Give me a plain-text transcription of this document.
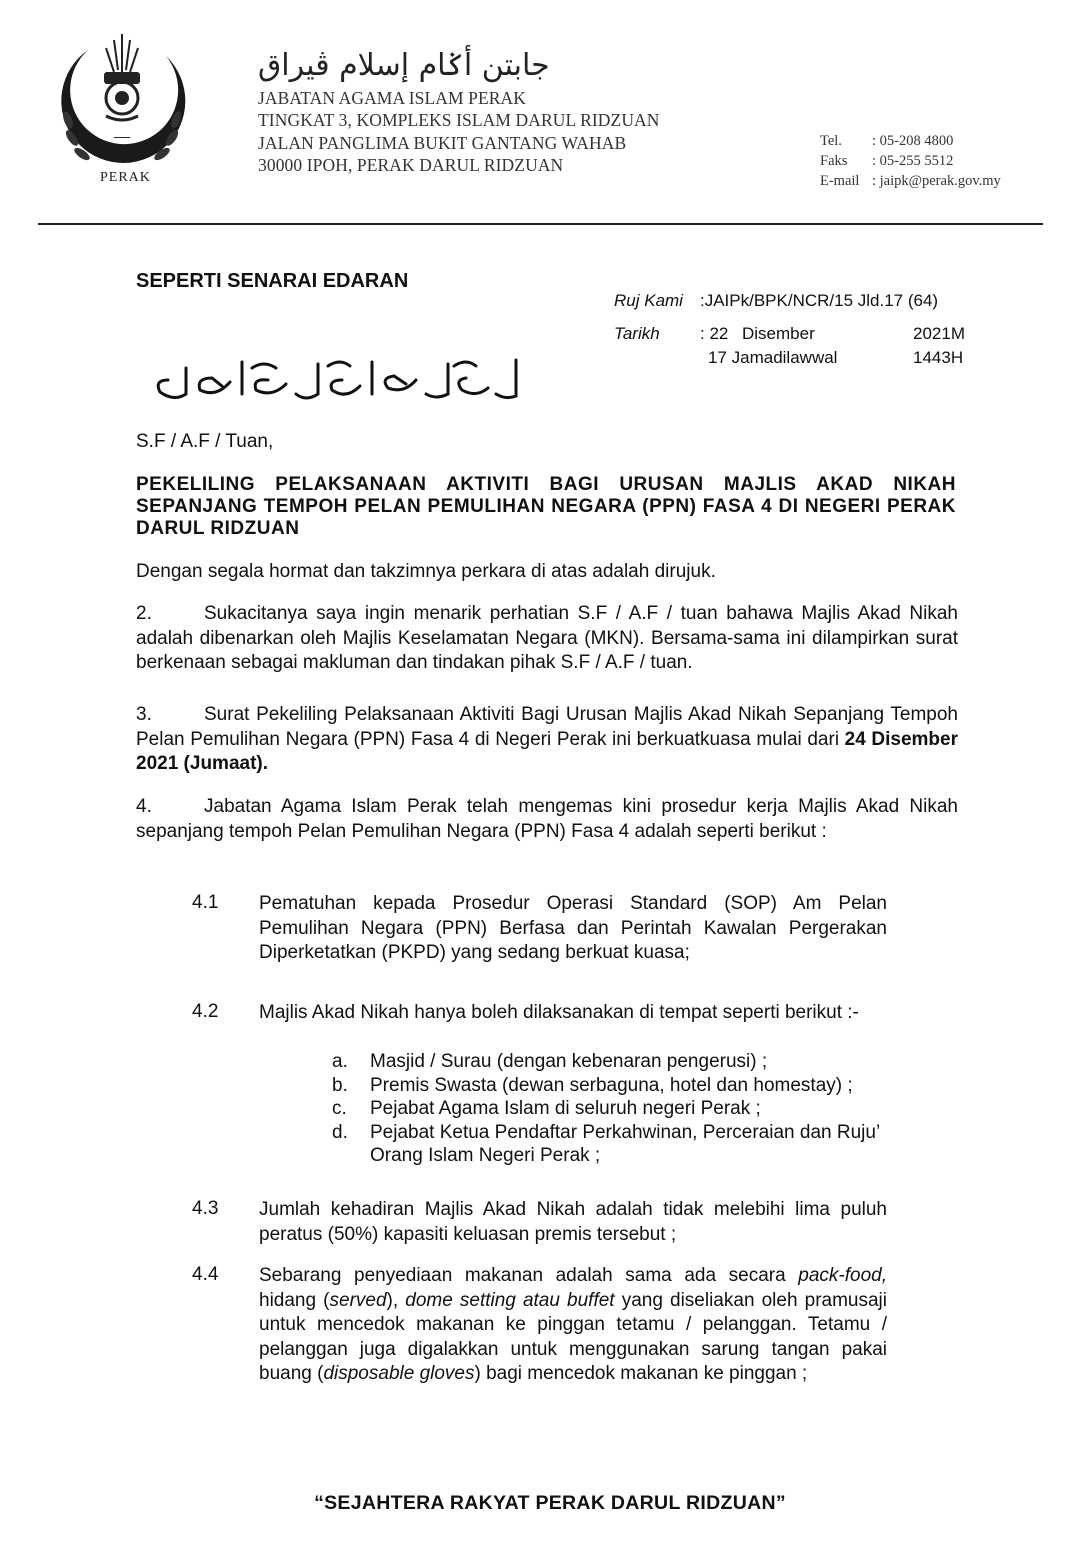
ـــــ
PERAK
جابتن أݢام إسلام ڤيراق
JABATAN AGAMA ISLAM PERAK
TINGKAT 3, KOMPLEKS ISLAM DARUL RIDZUAN
JALAN PANGLIMA BUKIT GANTANG WAHAB
30000 IPOH, PERAK DARUL RIDZUAN
Tel. : 05-208 4800
Faks : 05-255 5512
E-mail : jaipk@perak.gov.my
SEPERTI SENARAI EDARAN
Ruj Kami :JAIPk/BPK/NCR/15 Jld.17 (64)
Tarikh : 22 Disember	2021M
17 Jamadilawwal	1443H
S.F / A.F / Tuan,
PEKELILING PELAKSANAAN AKTIVITI BAGI URUSAN MAJLIS AKAD NIKAH SEPANJANG TEMPOH PELAN PEMULIHAN NEGARA (PPN) FASA 4 DI NEGERI PERAK DARUL RIDZUAN
Dengan segala hormat dan takzimnya perkara di atas adalah dirujuk.
2.	Sukacitanya saya ingin menarik perhatian S.F / A.F / tuan bahawa Majlis Akad Nikah adalah dibenarkan oleh Majlis Keselamatan Negara (MKN). Bersama-sama ini dilampirkan surat berkenaan sebagai makluman dan tindakan pihak S.F / A.F / tuan.
3.	Surat Pekeliling Pelaksanaan Aktiviti Bagi Urusan Majlis Akad Nikah Sepanjang Tempoh Pelan Pemulihan Negara (PPN) Fasa 4 di Negeri Perak ini berkuatkuasa mulai dari 24 Disember 2021 (Jumaat).
4.	Jabatan Agama Islam Perak telah mengemas kini prosedur kerja Majlis Akad Nikah sepanjang tempoh Pelan Pemulihan Negara (PPN) Fasa 4 adalah seperti berikut :
4.1 Pematuhan kepada Prosedur Operasi Standard (SOP) Am Pelan Pemulihan Negara (PPN) Berfasa dan Perintah Kawalan Pergerakan Diperketatkan (PKPD) yang sedang berkuat kuasa;
4.2 Majlis Akad Nikah hanya boleh dilaksanakan di tempat seperti berikut :-
a.	Masjid / Surau (dengan kebenaran pengerusi) ;
b.	Premis Swasta (dewan serbaguna, hotel dan homestay) ;
c.	Pejabat Agama Islam di seluruh negeri Perak ;
d.	Pejabat Ketua Pendaftar Perkahwinan, Perceraian dan Ruju’ Orang Islam Negeri Perak ;
4.3 Jumlah kehadiran Majlis Akad Nikah adalah tidak melebihi lima puluh peratus (50%) kapasiti keluasan premis tersebut ;
4.4 Sebarang penyediaan makanan adalah sama ada secara pack-food, hidang (served), dome setting atau buffet yang diseliakan oleh pramusaji untuk mencedok makanan ke pinggan tetamu / pelanggan. Tetamu / pelanggan juga digalakkan untuk menggunakan sarung tangan pakai buang (disposable gloves) bagi mencedok makanan ke pinggan ;
“SEJAHTERA RAKYAT PERAK DARUL RIDZUAN”
